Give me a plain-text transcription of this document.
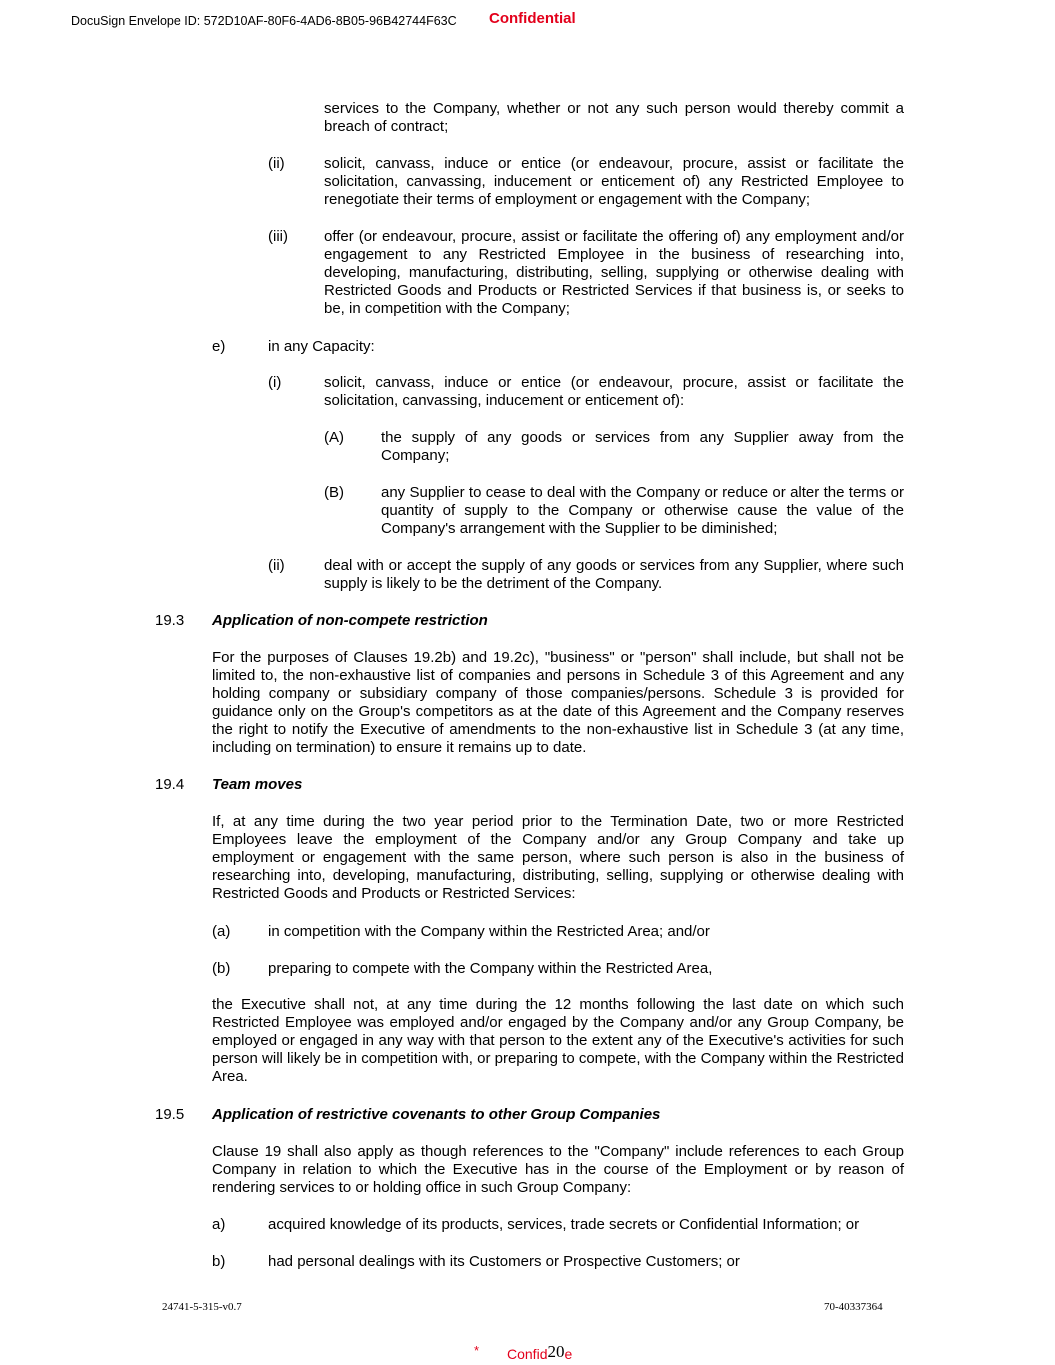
DocuSign Envelope ID: 572D10AF-80F6-4AD6-8B05-96B42744F63C Confidential
services to the Company, whether or not any such person would thereby commit a breach of contract;
(ii)	solicit, canvass, induce or entice (or endeavour, procure, assist or facilitate the solicitation, canvassing, inducement or enticement of) any Restricted Employee to renegotiate their terms of employment or engagement with the Company;
(iii) offer (or endeavour, procure, assist or facilitate the offering of) any employment and/or engagement to any Restricted Employee in the business of researching into, developing, manufacturing, distributing, selling, supplying or otherwise dealing with Restricted Goods and Products or Restricted Services if that business is, or seeks to be, in competition with the Company;
e)	in any Capacity:
(i)	solicit, canvass, induce or entice (or endeavour, procure, assist or facilitate the solicitation, canvassing, inducement or enticement of):
(A) the supply of any goods or services from any Supplier away from the Company;
(B) any Supplier to cease to deal with the Company or reduce or alter the terms or quantity of supply to the Company or otherwise cause the value of the Company's arrangement with the Supplier to be diminished;
(ii)	deal with or accept the supply of any goods or services from any Supplier, where such supply is likely to be the detriment of the Company.
19.3 Application of non-compete restriction
For the purposes of Clauses 19.2b) and 19.2c), "business" or "person" shall include, but shall not be limited to, the non-exhaustive list of companies and persons in Schedule 3 of this Agreement and any holding company or subsidiary company of those companies/persons. Schedule 3 is provided for guidance only on the Group's competitors as at the date of this Agreement and the Company reserves the right to notify the Executive of amendments to the non-exhaustive list in Schedule 3 (at any time, including on termination) to ensure it remains up to date.
19.4 Team moves
If, at any time during the two year period prior to the Termination Date, two or more Restricted Employees leave the employment of the Company and/or any Group Company and take up employment or engagement with the same person, where such person is also in the business of researching into, developing, manufacturing, distributing, selling, supplying or otherwise dealing with Restricted Goods and Products or Restricted Services:
(a)	in competition with the Company within the Restricted Area; and/or
(b)	preparing to compete with the Company within the Restricted Area,
the Executive shall not, at any time during the 12 months following the last date on which such Restricted Employee was employed and/or engaged by the Company and/or any Group Company, be employed or engaged in any way with that person to the extent any of the Executive's activities for such person will likely be in competition with, or preparing to compete, with the Company within the Restricted Area.
19.5 Application of restrictive covenants to other Group Companies
Clause 19 shall also apply as though references to the "Company" include references to each Group Company in relation to which the Executive has in the course of the Employment or by reason of rendering services to or holding office in such Group Company:
a)	acquired knowledge of its products, services, trade secrets or Confidential Information; or
b)	had personal dealings with its Customers or Prospective Customers; or
24741-5-315-v0.7	70-40337364
* Confid20e
